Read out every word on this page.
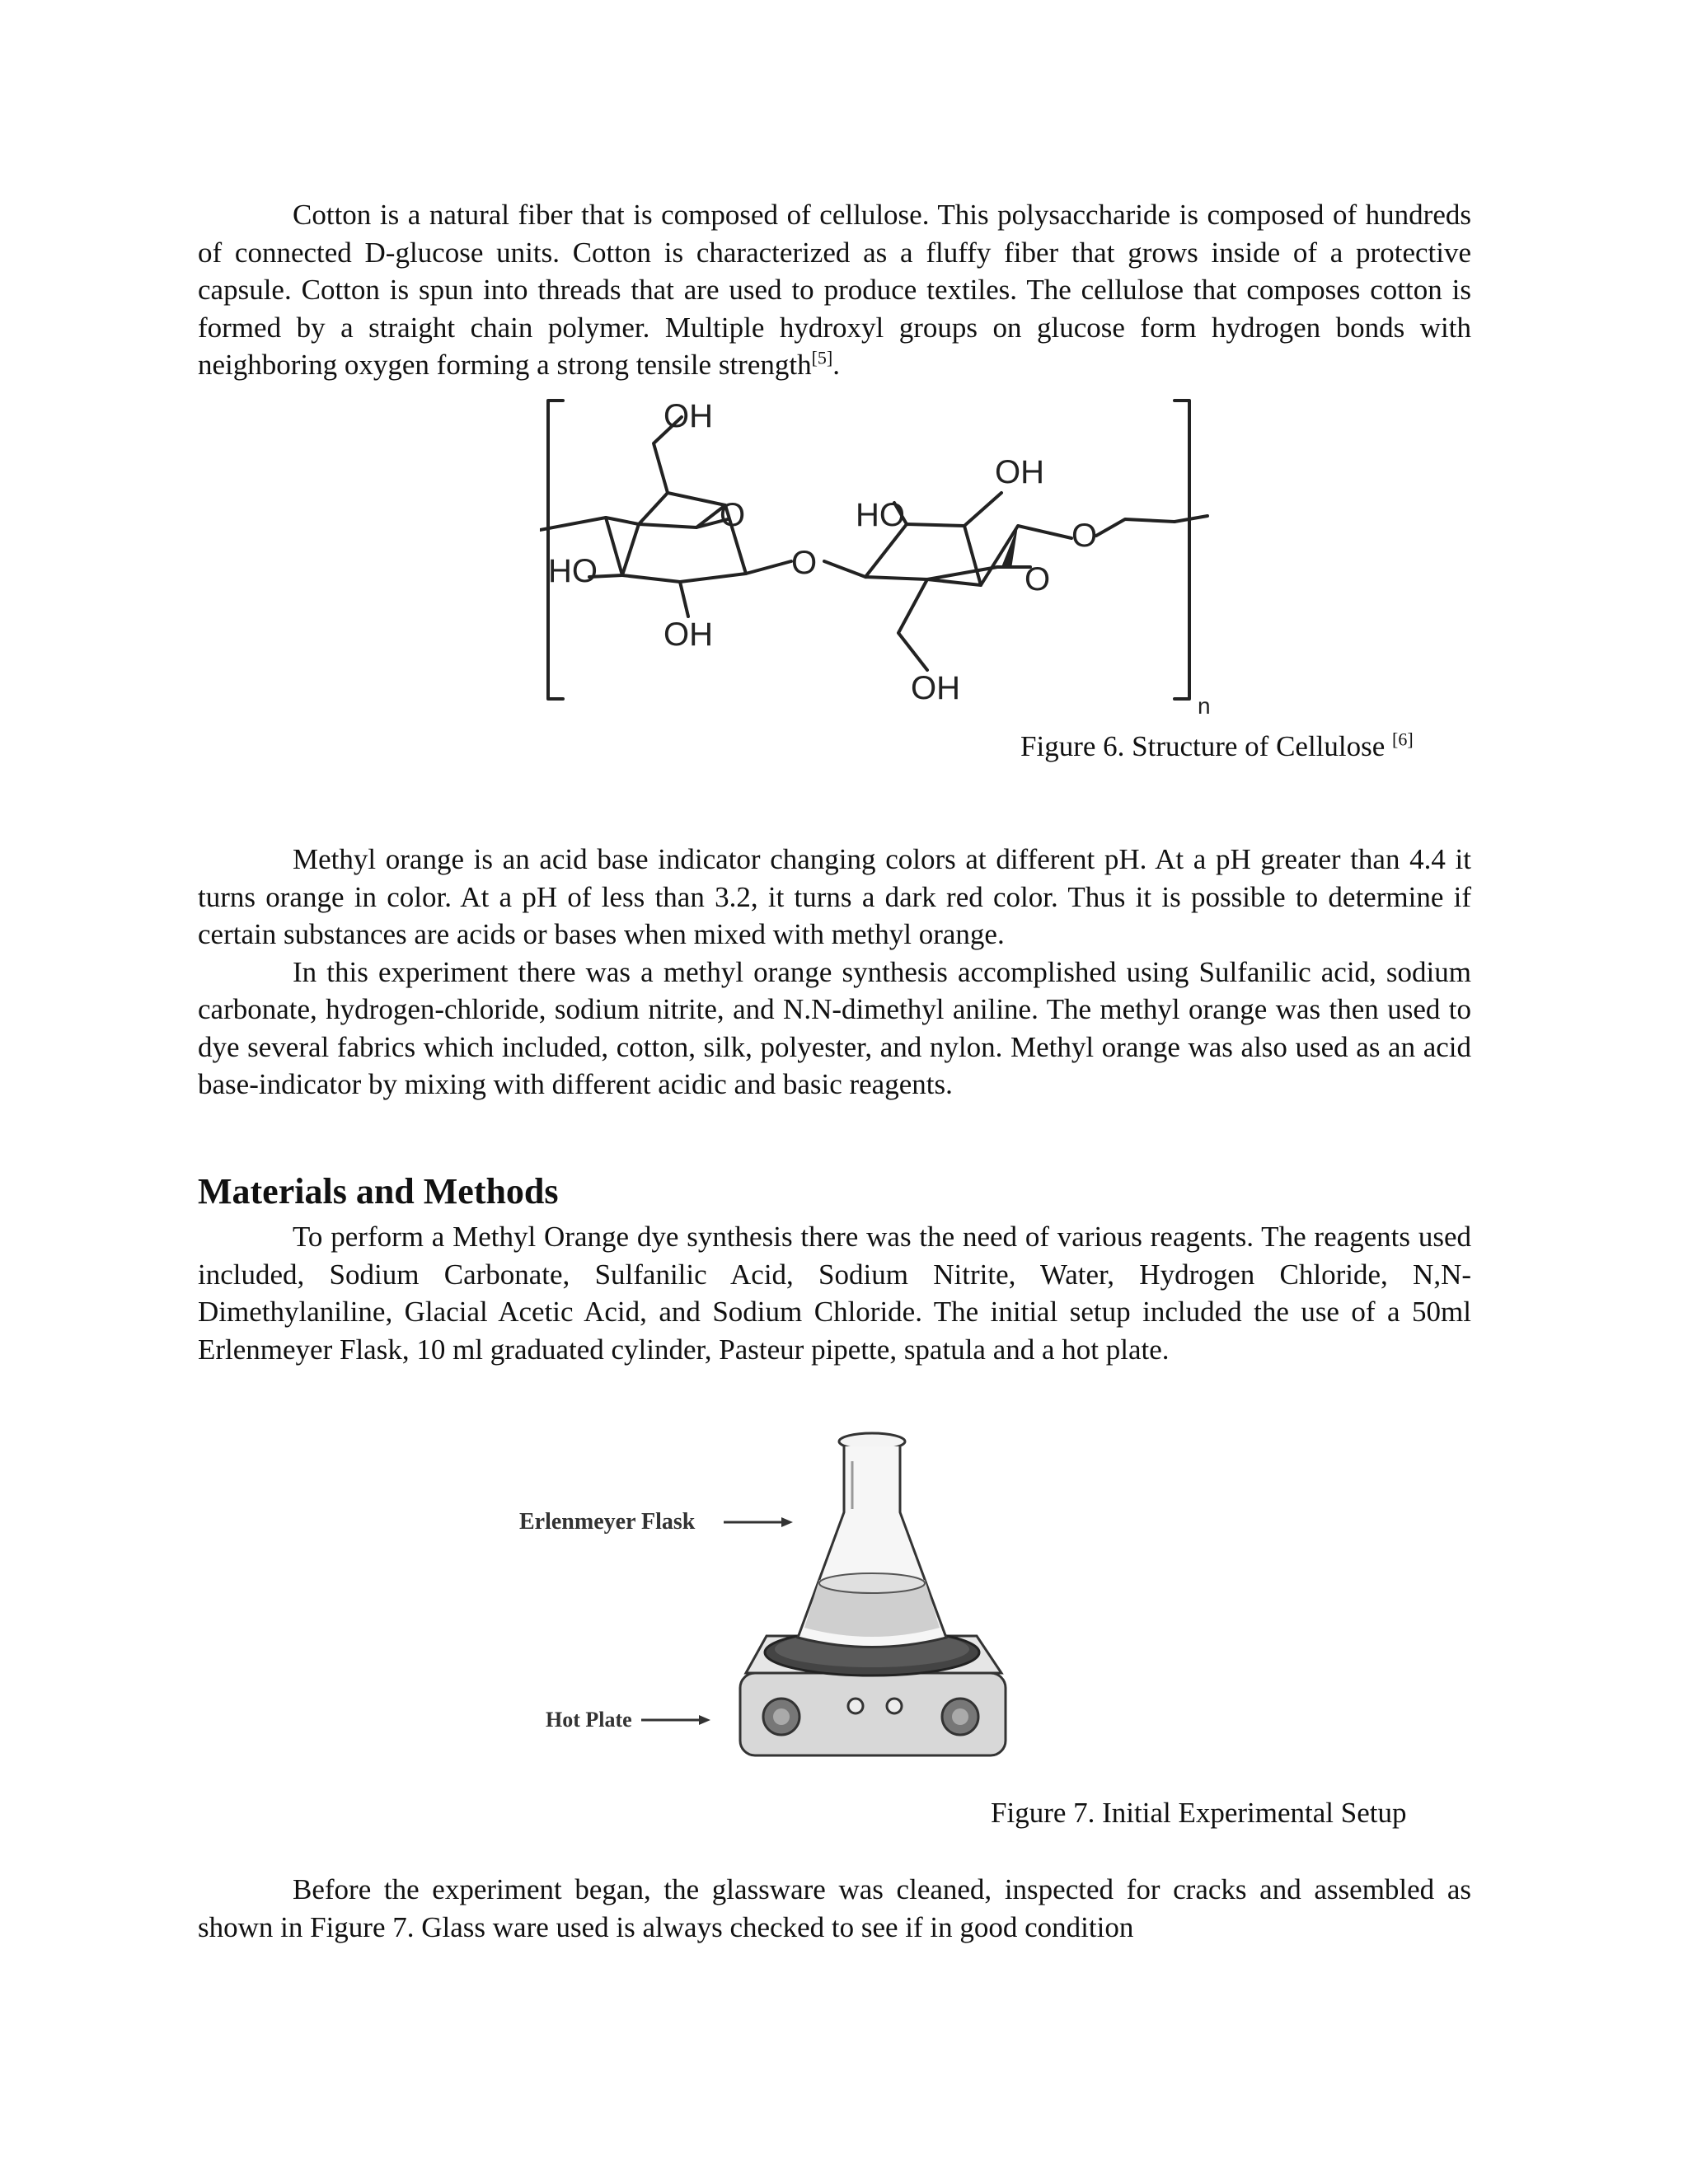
Cotton is a natural fiber that is composed of cellulose. This polysaccharide is composed of hundreds of connected D-glucose units. Cotton is characterized as a fluffy fiber that grows inside of a protective capsule. Cotton is spun into threads that are used to produce textiles. The cellulose that composes cotton is formed by a straight chain polymer. Multiple hydroxyl groups on glucose form hydrogen bonds with neighboring oxygen forming a strong tensile strength[5].

OH
O
HO
OH
O
HO
OH
O
O
OH	n

Figure 6. Structure of Cellulose [6]

Methyl orange is an acid base indicator changing colors at different pH. At a pH greater than 4.4 it turns orange in color. At a pH of less than 3.2, it turns a dark red color. Thus it is possible to determine if certain substances are acids or bases when mixed with methyl orange.

In this experiment there was a methyl orange synthesis accomplished using Sulfanilic acid, sodium carbonate, hydrogen-chloride, sodium nitrite, and N.N-dimethyl aniline. The methyl orange was then used to dye several fabrics which included, cotton, silk, polyester, and nylon. Methyl orange was also used as an acid base-indicator by mixing with different acidic and basic reagents.

Materials and Methods

To perform a Methyl Orange dye synthesis there was the need of various reagents. The reagents used included, Sodium Carbonate, Sulfanilic Acid, Sodium Nitrite, Water, Hydrogen Chloride, N,N-Dimethylaniline, Glacial Acetic Acid, and Sodium Chloride. The initial setup included the use of a 50ml Erlenmeyer Flask, 10 ml graduated cylinder, Pasteur pipette, spatula and a hot plate.

Erlenmeyer Flask
Hot Plate

Figure 7. Initial Experimental Setup

Before the experiment began, the glassware was cleaned, inspected for cracks and assembled as shown in Figure 7. Glass ware used is always checked to see if in good condition
